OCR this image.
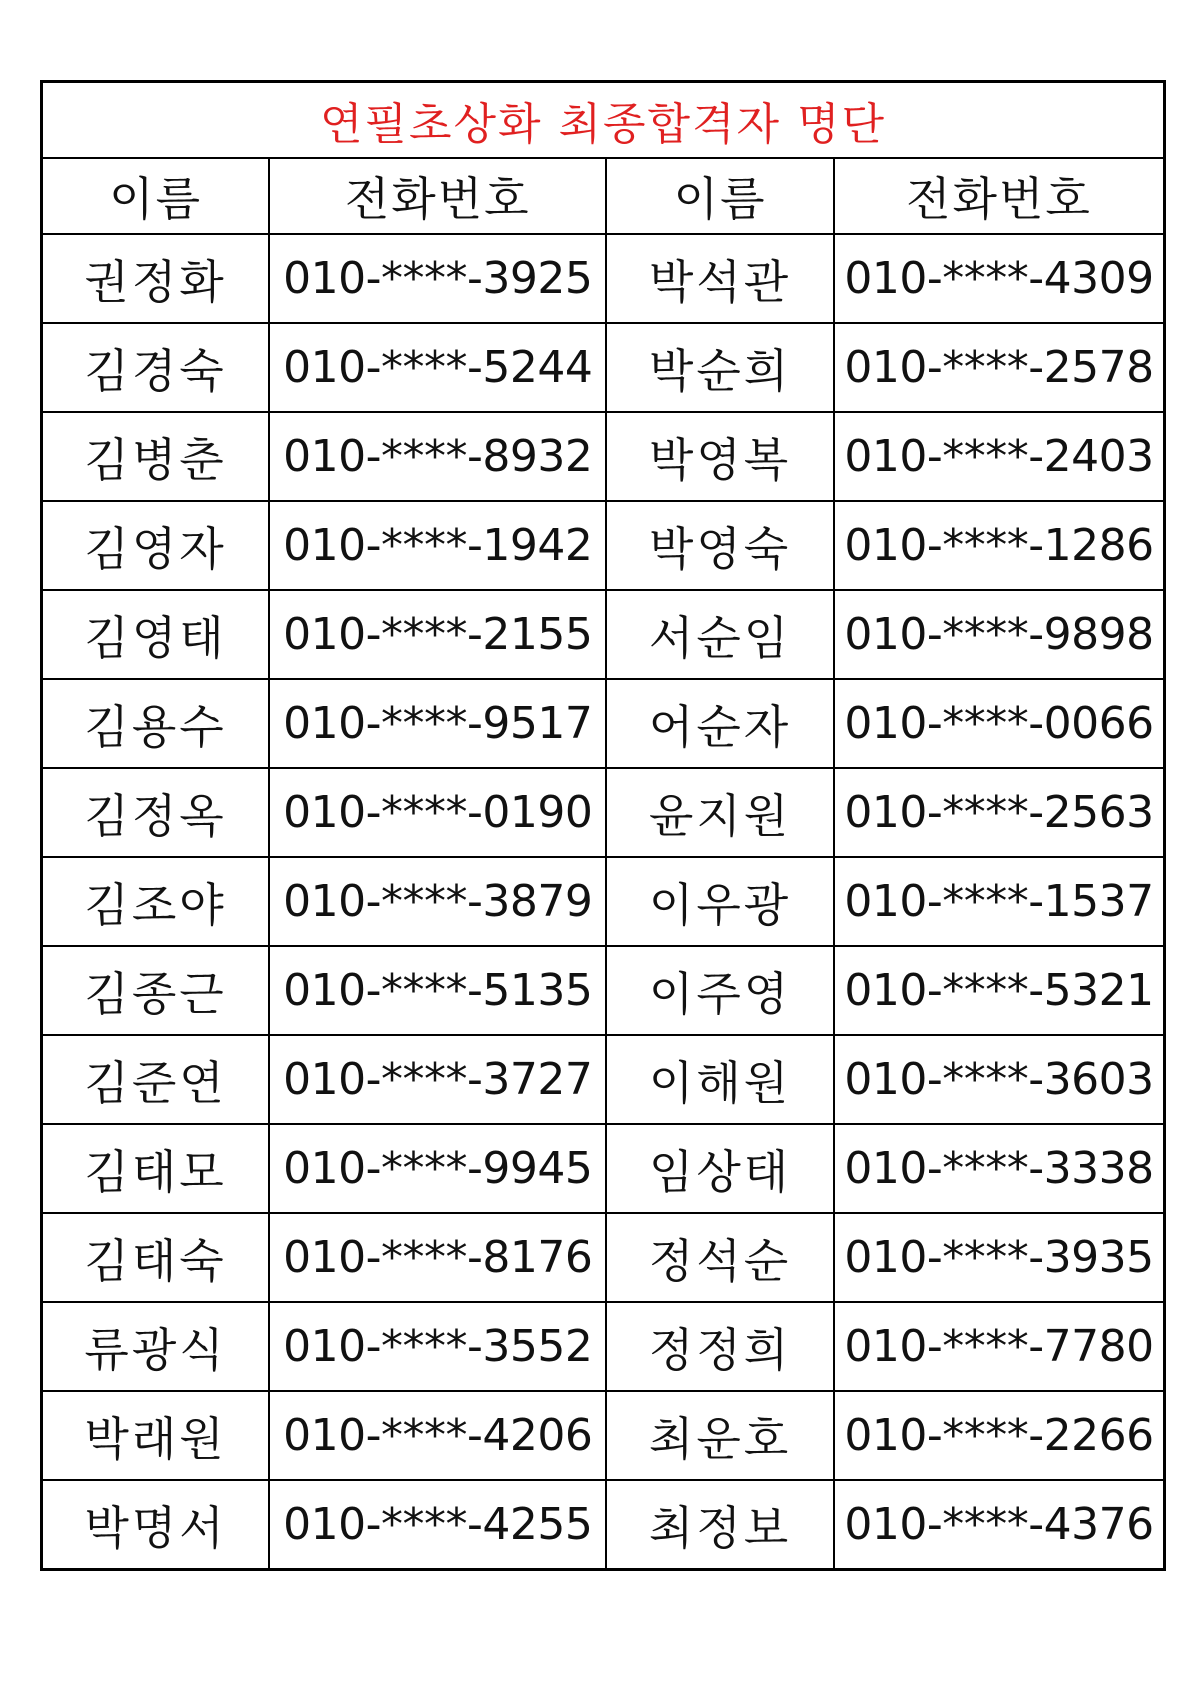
연필초상화 최종합격자 명단			
이름	전화번호	이름	전화번호
권정화	010-****-3925	박석관	010-****-4309
김경숙	010-****-5244	박순희	010-****-2578
김병춘	010-****-8932	박영복	010-****-2403
김영자	010-****-1942	박영숙	010-****-1286
김영태	010-****-2155	서순임	010-****-9898
김용수	010-****-9517	어순자	010-****-0066
김정옥	010-****-0190	윤지원	010-****-2563
김조야	010-****-3879	이우광	010-****-1537
김종근	010-****-5135	이주영	010-****-5321
김준연	010-****-3727	이해원	010-****-3603
김태모	010-****-9945	임상태	010-****-3338
김태숙	010-****-8176	정석순	010-****-3935
류광식	010-****-3552	정정희	010-****-7780
박래원	010-****-4206	최운호	010-****-2266
박명서	010-****-4255	최정보	010-****-4376
